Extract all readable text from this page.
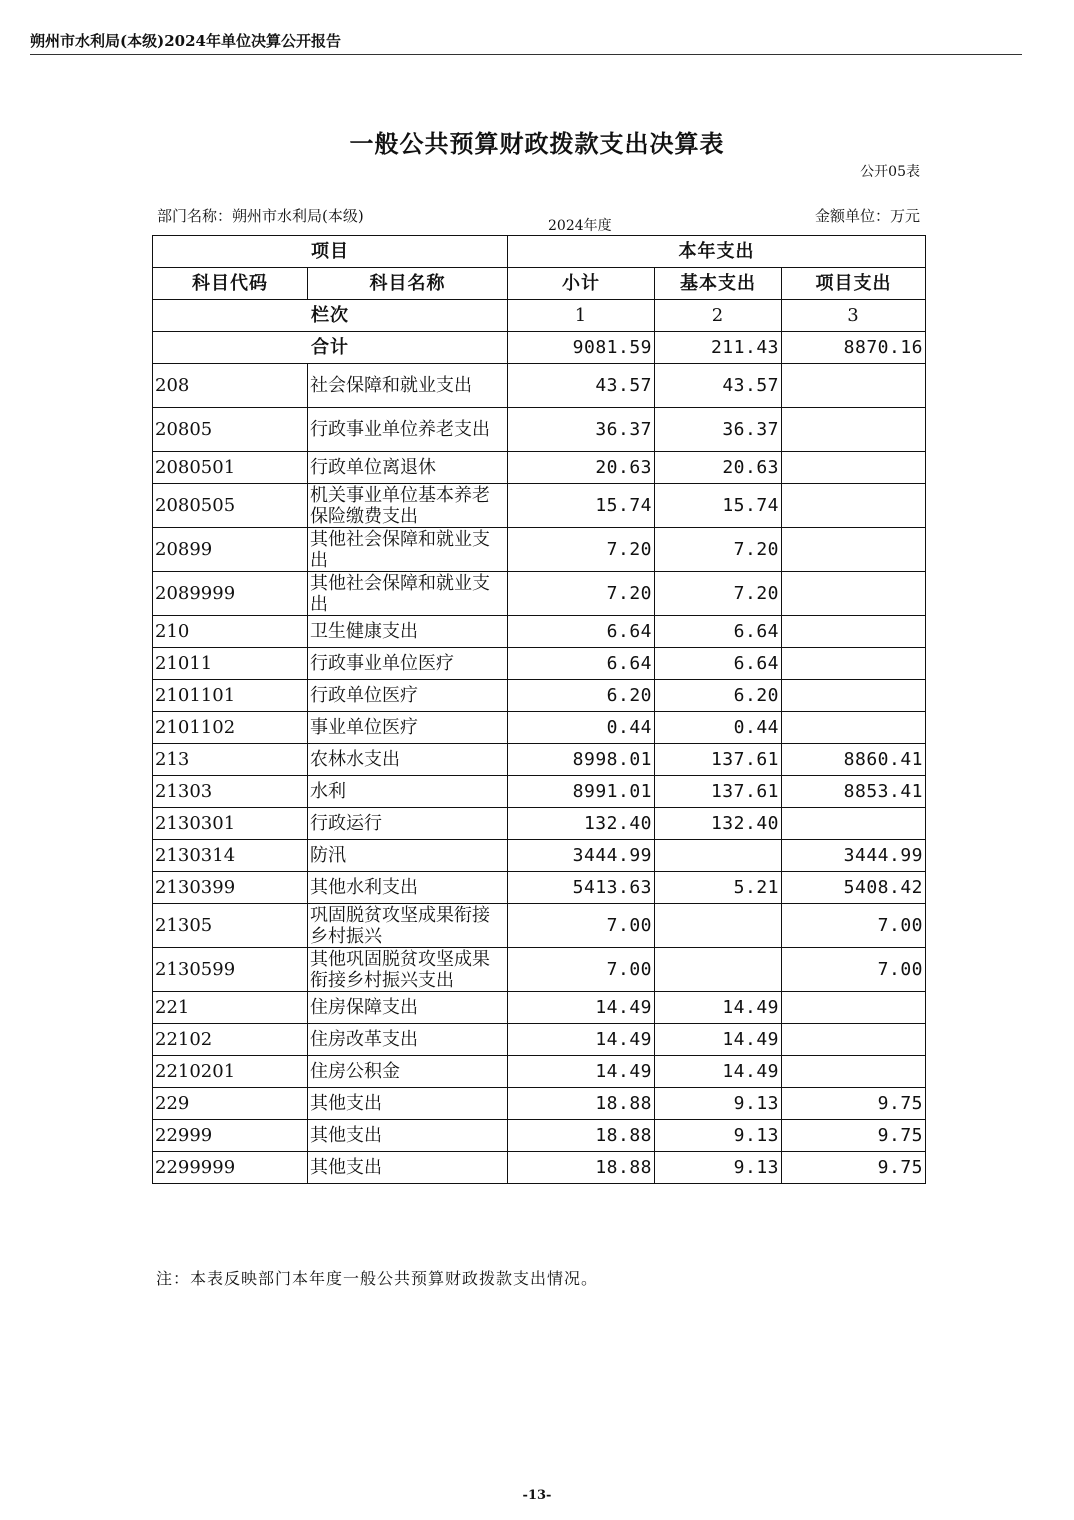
朔州市水利局(本级)2024年单位决算公开报告
一般公共预算财政拨款支出决算表
公开05表
部门名称：朔州市水利局(本级)
2024年度
金额单位：万元
项目		本年支出		
科目代码	科目名称	小计	基本支出	项目支出
栏次		1	2	3
合计		9081.59	211.43	8870.16
208	社会保障和就业支出	43.57	43.57	
20805	行政事业单位养老支出	36.37	36.37	
2080501	行政单位离退休	20.63	20.63	
2080505	机关事业单位基本养老保险缴费支出	15.74	15.74	
20899	其他社会保障和就业支出	7.20	7.20	
2089999	其他社会保障和就业支出	7.20	7.20	
210	卫生健康支出	6.64	6.64	
21011	行政事业单位医疗	6.64	6.64	
2101101	行政单位医疗	6.20	6.20	
2101102	事业单位医疗	0.44	0.44	
213	农林水支出	8998.01	137.61	8860.41
21303	水利	8991.01	137.61	8853.41
2130301	行政运行	132.40	132.40	
2130314	防汛	3444.99		3444.99
2130399	其他水利支出	5413.63	5.21	5408.42
21305	巩固脱贫攻坚成果衔接乡村振兴	7.00		7.00
2130599	其他巩固脱贫攻坚成果衔接乡村振兴支出	7.00		7.00
221	住房保障支出	14.49	14.49	
22102	住房改革支出	14.49	14.49	
2210201	住房公积金	14.49	14.49	
229	其他支出	18.88	9.13	9.75
22999	其他支出	18.88	9.13	9.75
2299999	其他支出	18.88	9.13	9.75
注：本表反映部门本年度一般公共预算财政拨款支出情况。
-13-
